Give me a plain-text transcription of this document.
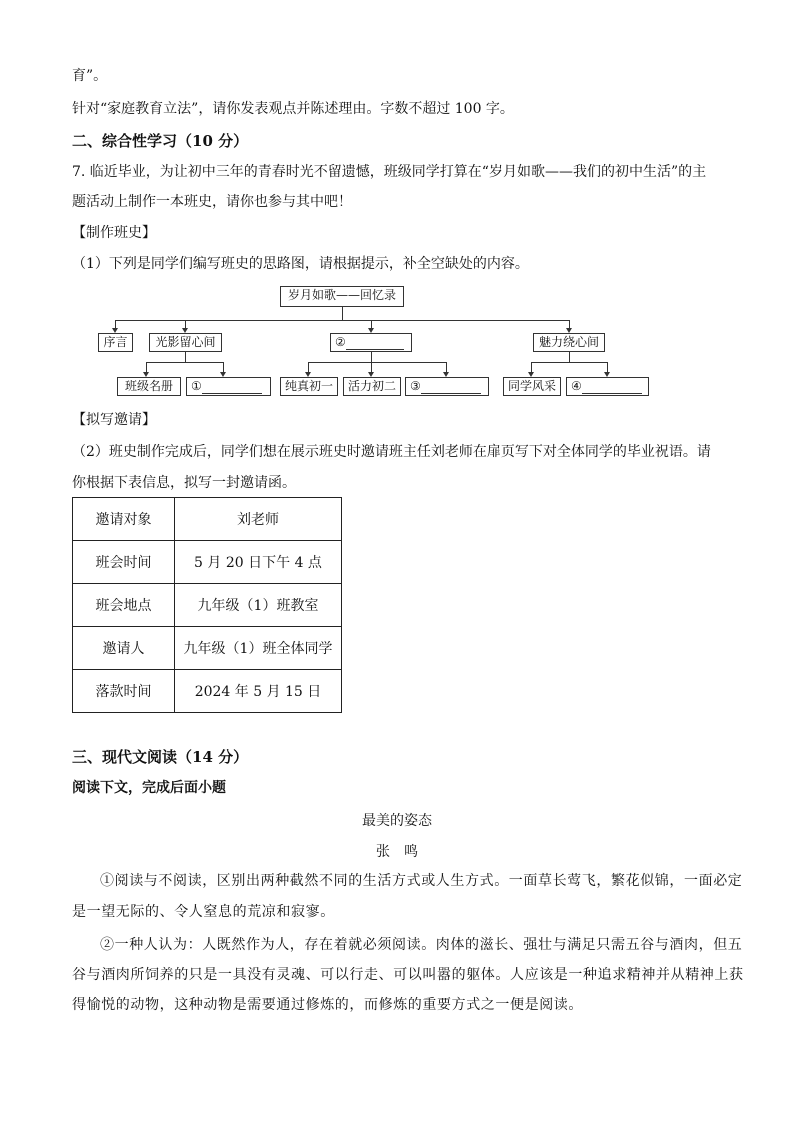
育”。
针对“家庭教育立法”，请你发表观点并陈述理由。字数不超过 100 字。
二、综合性学习（10 分）
7. 临近毕业，为让初中三年的青春时光不留遗憾，班级同学打算在“岁月如歌——我们的初中生活”的主
题活动上制作一本班史，请你也参与其中吧！
【制作班史】
（1）下列是同学们编写班史的思路图，请根据提示，补全空缺处的内容。
岁月如歌——回忆录
序言	光影留心间	②	魅力绕心间
班级名册	①	纯真初一	活力初二	③	同学风采	④
【拟写邀请】
（2）班史制作完成后，同学们想在展示班史时邀请班主任刘老师在扉页写下对全体同学的毕业祝语。请
你根据下表信息，拟写一封邀请函。
邀请对象	刘老师
班会时间	5 月 20 日下午 4 点
班会地点	九年级（1）班教室
邀请人	九年级（1）班全体同学
落款时间	2024 年 5 月 15 日
三、现代文阅读（14 分）
阅读下文，完成后面小题
最美的姿态
张　鸣
①阅读与不阅读，区别出两种截然不同的生活方式或人生方式。一面草长莺飞，繁花似锦，一面必定
是一望无际的、令人窒息的荒凉和寂寥。
②一种人认为：人既然作为人，存在着就必须阅读。肉体的滋长、强壮与满足只需五谷与酒肉，但五
谷与酒肉所饲养的只是一具没有灵魂、可以行走、可以叫嚣的躯体。人应该是一种追求精神并从精神上获
得愉悦的动物，这种动物是需要通过修炼的，而修炼的重要方式之一便是阅读。
